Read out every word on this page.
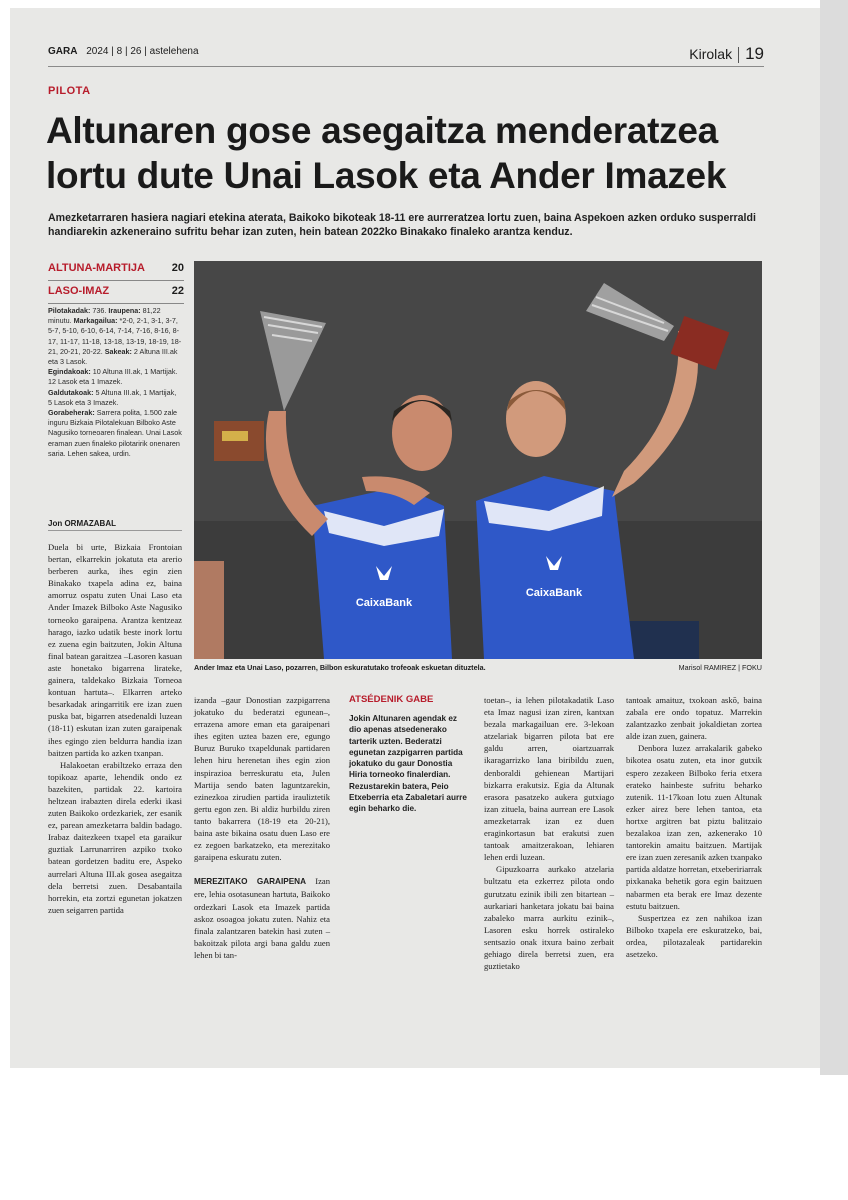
GARA 2024 | 8 | 26 | astelehena	Kirolak 19
PILOTA
Altunaren gose asegaitza menderatzea lortu dute Unai Lasok eta Ander Imazek
Amezketarraren hasiera nagiari etekina aterata, Baikoko bikoteak 18-11 ere aurreratzea lortu zuen, baina Aspekoen azken orduko susperraldi handiarekin azkeneraino sufritu behar izan zuten, hein batean 2022ko Binakako finaleko arantza kenduz.
ALTUNA-MARTIJA 20
LASO-IMAZ	22

Pilotakadak: 736. Iraupena: 81,22 minutu. Markagailua: *2-0, 2-1, 3-1, 3-7, 5-7, 5-10, 6-10, 6-14, 7-14, 7-16, 8-16, 8-17, 11-17, 11-18, 13-18, 13-19, 18-19, 18-21, 20-21, 20-22. Sakeak: 2 Altuna III.ak eta 3 Lasok.

Egindakoak: 10 Altuna III.ak, 1 Martijak. 12 Lasok eta 1 Imazek.

Galdutakoak: 5 Altuna III.ak, 1 Martijak, 5 Lasok eta 3 Imazek.

Gorabeherak: Sarrera polita, 1.500 zale inguru Bizkaia Pilotalekuan Bilboko Aste Nagusiko torneoaren finalean. Unai Lasok eraman zuen finaleko pilotaririk onenaren saria. Lehen sakea, urdin.

Jon ORMAZABAL

Duela bi urte, Bizkaia Frontoian bertan, elkarrekin jokatuta eta arerio berberen aurka, ihes egin zien Binakako txapela adina ez, baina amorruz ospatu zuten Unai Laso eta Ander Imazek Bilboko Aste Nagusiko torneoko garaipena. Arantza kentzeaz harago, iazko udatik beste inork lortu ez zuena egin baitzuten, Jokin Altuna final batean garaitzea –Lasoren kasuan aste honetako bigarrena lirateke, gainera, taldekako Bizkaia Torneoa kontuan hartuta–. Elkarren arteko besarkadak aringarritik ere izan zuen puska bat, bigarren atsedenaldi luzean (18-11) eskutan izan zuten garaipenak ihes egingo zien beldurra handia izan baitzen partida ko azken txanpan.

Halakoetan erabiltzeko erraza den topikoaz aparte, lehendik ondo ez bazekiten, partidak 22. kartoira heltzean irabazten direla ederki ikasi zuten Baikoko ordezkariek, zer esanik ez, parean amezketarra baldin badago. Irabaz daitezkeen txapel eta garaikur guztiak Larrunarriren azpiko txoko batean gordetzen baditu ere, Aspeko aurrelari Altuna III.ak gosea asegaitza dela berretsi zuen. Desabantaila horrekin, eta zortzi egunetan jokatzen zuen seigarren partida

CaixaBank
CaixaBank
Ander Imaz eta Unai Laso, pozarren, Bilbon eskuratutako trofeoak eskuetan dituztela.	Marisol RAMIREZ | FOKU

izanda –gaur Donostian zazpigarrena jokatuko du bederatzi egunean–, errazena amore eman eta garaipenari ihes egiten uztea bazen ere, egungo Buruz Buruko txapeldunak partidaren lehen hiru herenetan ihes egin zion inspirazioa berreskuratu eta, Julen Martija sendo baten laguntzarekin, ezinezkoa zirudien partida irauliztetik gertu egon zen. Bi aldiz hurbildu ziren tanto bakarrera (18-19 eta 20-21), baina aste bikaina osatu duen Laso ere ez zegoen barkatzeko, eta merezitako garaipena eskuratu zuten.

MEREZITAKO GARAIPENA Izan ere, lehia osotasunean hartuta, Baikoko ordezkari Lasok eta Imazek partida askoz osoagoa jokatu zuten. Nahiz eta finala zalantzaren batekin hasi zuten –bakoitzak pilota argi bana galdu zuen lehen bi tan-

ATSÉDENIK GABE
Jokin Altunaren agendak ez dio apenas atsedenerako tarterik uzten. Bederatzi egunetan zazpigarren partida jokatuko du gaur Donostia Hiria torneoko finalerdian. Rezustarekin batera, Peio Etxeberria eta Zabaletari aurre egin beharko die.

toetan–, ia lehen pilotakadatik Laso eta Imaz nagusi izan ziren, kantxan bezala markagailuan ere. 3-lekoan atzelariak bigarren pilota bat ere galdu arren, oiartzuarrak ikaragarrizko lana biribildu zuen, denboraldi gehienean Martijari bizkarra erakutsiz. Egia da Altunak erasora pasatzeko aukera gutxiago izan zituela, baina aurrean ere Lasok amezketarrak izan ez duen eraginkortasun bat erakutsi zuen tantoak amaitzerakoan, lehiaren lehen erdi luzean.

Gipuzkoarra aurkako atzelaria bultzatu eta ezkerrez pilota ondo gurutzatu ezinik ibili zen bitartean –aurkariari hanketara jokatu bai baina zabaleko marra aurkitu ezinik–, Lasoren esku horrek ostiraleko sentsazio onak itxura baino zerbait gehiago direla berretsi zuen, era guztietako

tantoak amaituz, txokoan askō, baina zabala ere ondo topatuz. Marrekin zalantzazko zenbait jokaldietan zortea alde izan zuen, gainera.

Denbora luzez arrakalarik gabeko bikotea osatu zuten, eta inor gutxik espero zezakeen Bilboko feria etxera erateko hainbeste sufritu beharko zutenik. 11-17koan lotu zuen Altunak ezker airez bere lehen tantoa, eta hortxe argitren bat piztu balitzaio bezalakoa izan zen, azkenerako 10 tantorekin amaitu baitzuen. Martijak ere izan zuen zeresanik azken txanpako partida aldatze horretan, etxebeririarrak pixkanaka behetik gora egin baitzuen nabarmen eta berak ere Imaz dezente estutu baitzuen.

Suspertzea ez zen nahikoa izan Bilboko txapela ere eskuratzeko, bai, ordea, pilotazaleak partidarekin asetzeko.
